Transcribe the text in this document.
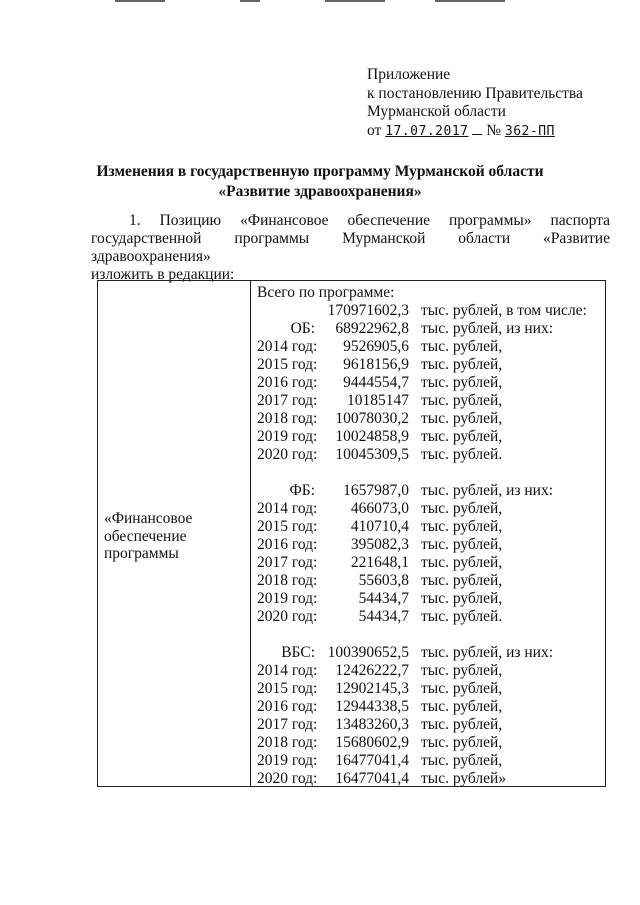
Приложение
к постановлению Правительства
Мурманской области
от 17.07.2017 № 362-ПП
Изменения в государственную программу Мурманской области
«Развитие здравоохранения»
1. Позицию «Финансовое обеспечение программы» паспорта
государственной программы Мурманской области «Развитие здравоохранения»
изложить в редакции:
«Финансовое
обеспечение
программы
Всего по программе:
170971602,3 тыс. рублей, в том числе:
ОБ:	68922962,8 тыс. рублей, из них:
2014 год:	9526905,6 тыс. рублей,
2015 год:	9618156,9 тыс. рублей,
2016 год:	9444554,7 тыс. рублей,
2017 год:	10185147 тыс. рублей,
2018 год:	10078030,2 тыс. рублей,
2019 год:	10024858,9 тыс. рублей,
2020 год:	10045309,5 тыс. рублей.
ФБ:	1657987,0 тыс. рублей, из них:
2014 год:	466073,0 тыс. рублей,
2015 год:	410710,4 тыс. рублей,
2016 год:	395082,3 тыс. рублей,
2017 год:	221648,1 тыс. рублей,
2018 год:	55603,8 тыс. рублей,
2019 год:	54434,7 тыс. рублей,
2020 год:	54434,7 тыс. рублей.
ВБС: 100390652,5 тыс. рублей, из них:
2014 год:	12426222,7 тыс. рублей,
2015 год:	12902145,3 тыс. рублей,
2016 год:	12944338,5 тыс. рублей,
2017 год:	13483260,3 тыс. рублей,
2018 год:	15680602,9 тыс. рублей,
2019 год:	16477041,4 тыс. рублей,
2020 год:	16477041,4 тыс. рублей»
